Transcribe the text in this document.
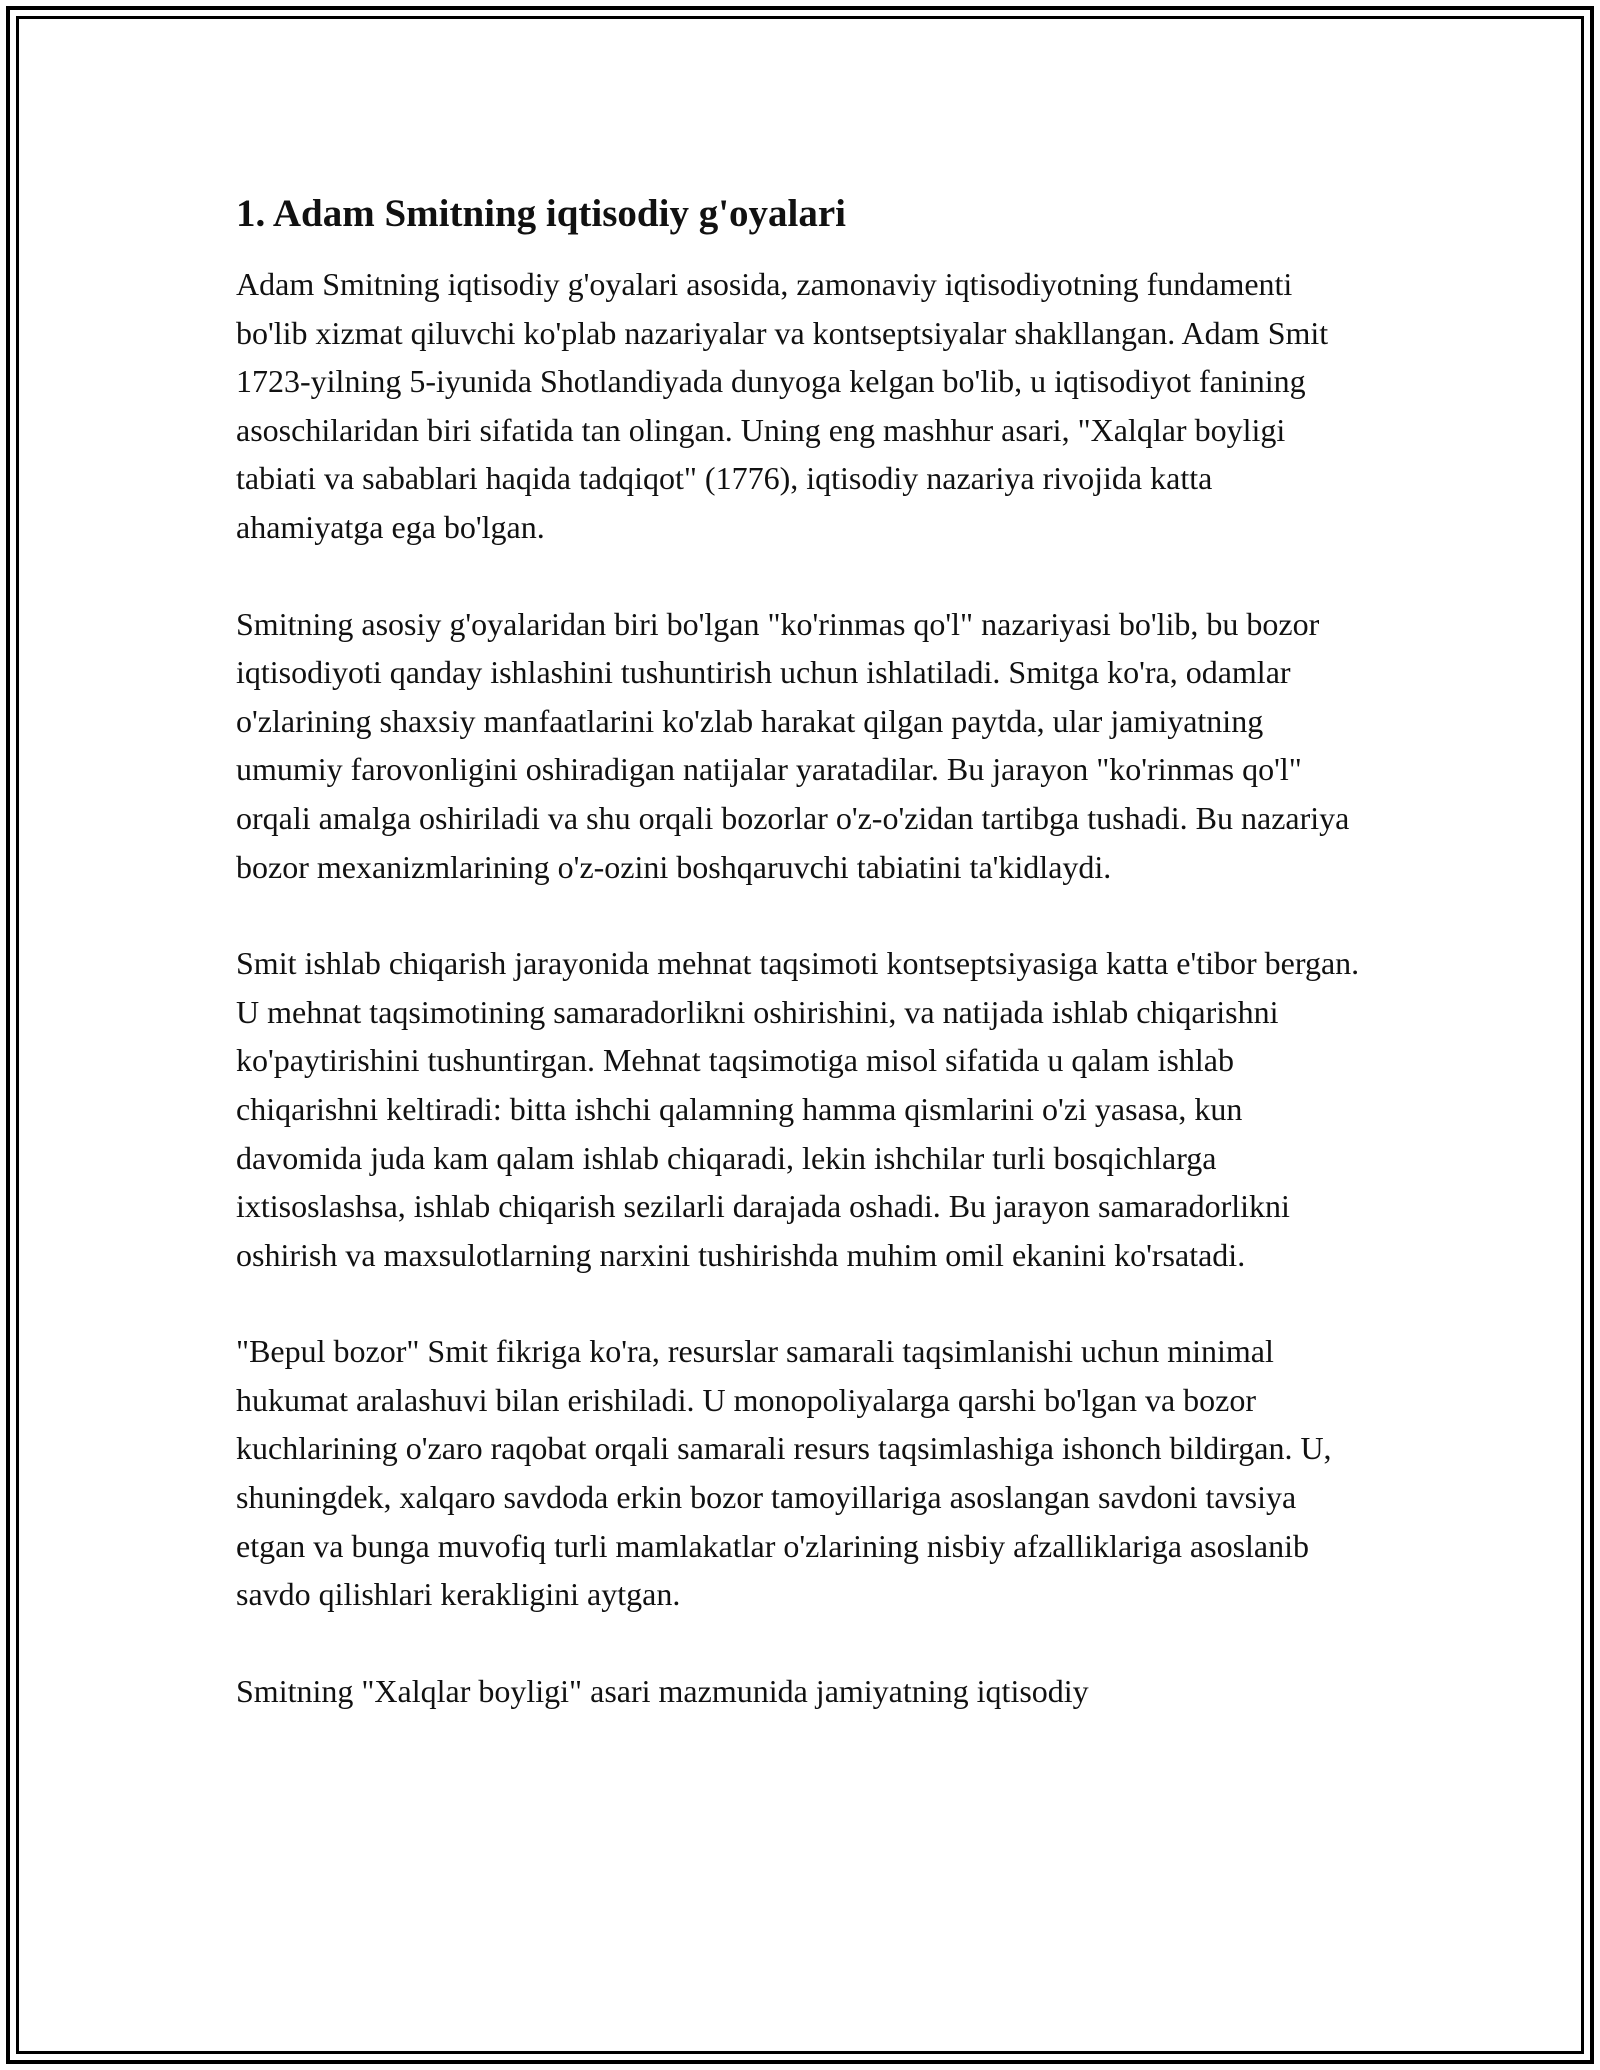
1. Adam Smitning iqtisodiy g'oyalari

Adam Smitning iqtisodiy g'oyalari asosida, zamonaviy iqtisodiyotning fundamenti bo'lib xizmat qiluvchi ko'plab nazariyalar va kontseptsiyalar shakllangan. Adam Smit 1723-yilning 5-iyunida Shotlandiyada dunyoga kelgan bo'lib, u iqtisodiyot fanining asoschilaridan biri sifatida tan olingan. Uning eng mashhur asari, "Xalqlar boyligi tabiati va sabablari haqida tadqiqot" (1776), iqtisodiy nazariya rivojida katta ahamiyatga ega bo'lgan.

Smitning asosiy g'oyalaridan biri bo'lgan "ko'rinmas qo'l" nazariyasi bo'lib, bu bozor iqtisodiyoti qanday ishlashini tushuntirish uchun ishlatiladi. Smitga ko'ra, odamlar o'zlarining shaxsiy manfaatlarini ko'zlab harakat qilgan paytda, ular jamiyatning umumiy farovonligini oshiradigan natijalar yaratadilar. Bu jarayon "ko'rinmas qo'l" orqali amalga oshiriladi va shu orqali bozorlar o'z-o'zidan tartibga tushadi. Bu nazariya bozor mexanizmlarining o'z-ozini boshqaruvchi tabiatini ta'kidlaydi.

Smit ishlab chiqarish jarayonida mehnat taqsimoti kontseptsiyasiga katta e'tibor bergan. U mehnat taqsimotining samaradorlikni oshirishini, va natijada ishlab chiqarishni ko'paytirishini tushuntirgan. Mehnat taqsimotiga misol sifatida u qalam ishlab chiqarishni keltiradi: bitta ishchi qalamning hamma qismlarini o'zi yasasa, kun davomida juda kam qalam ishlab chiqaradi, lekin ishchilar turli bosqichlarga ixtisoslashsa, ishlab chiqarish sezilarli darajada oshadi. Bu jarayon samaradorlikni oshirish va maxsulotlarning narxini tushirishda muhim omil ekanini ko'rsatadi.

"Bepul bozor" Smit fikriga ko'ra, resurslar samarali taqsimlanishi uchun minimal hukumat aralashuvi bilan erishiladi. U monopoliyalarga qarshi bo'lgan va bozor kuchlarining o'zaro raqobat orqali samarali resurs taqsimlashiga ishonch bildirgan. U, shuningdek, xalqaro savdoda erkin bozor tamoyillariga asoslangan savdoni tavsiya etgan va bunga muvofiq turli mamlakatlar o'zlarining nisbiy afzalliklariga asoslanib savdo qilishlari kerakligini aytgan.

Smitning "Xalqlar boyligi" asari mazmunida jamiyatning iqtisodiy
